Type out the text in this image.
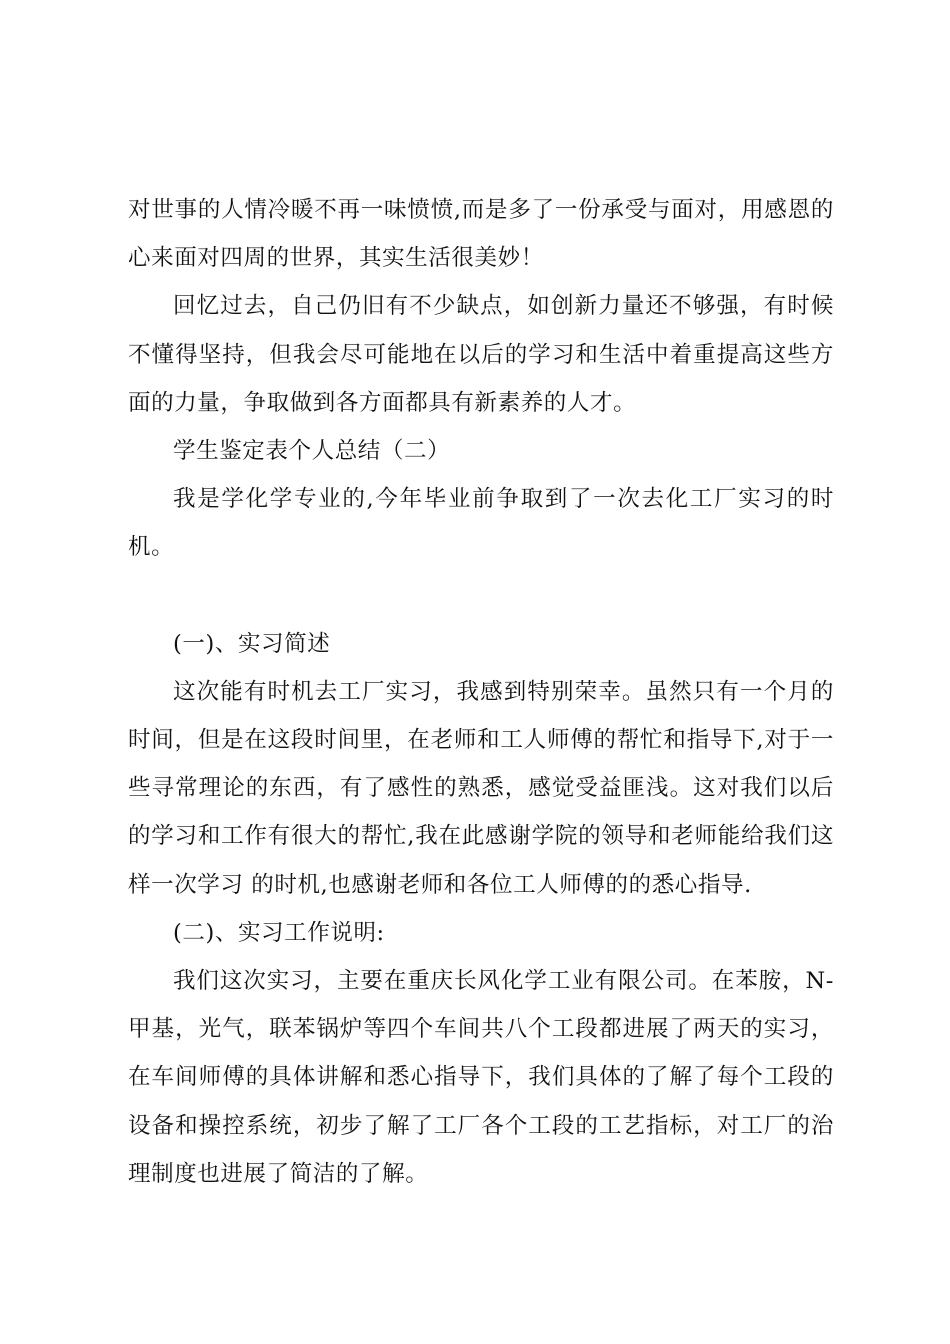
对世事的人情冷暖不再一味愤愤,而是多了一份承受与面对，用感恩的心来面对四周的世界，其实生活很美妙！

回忆过去，自己仍旧有不少缺点，如创新力量还不够强，有时候不懂得坚持，但我会尽可能地在以后的学习和生活中着重提高这些方面的力量，争取做到各方面都具有新素养的人才。

学生鉴定表个人总结（二）

我是学化学专业的,今年毕业前争取到了一次去化工厂实习的时机。

(一)、实习简述

这次能有时机去工厂实习，我感到特别荣幸。虽然只有一个月的时间，但是在这段时间里，在老师和工人师傅的帮忙和指导下,对于一些寻常理论的东西，有了感性的熟悉，感觉受益匪浅。这对我们以后的学习和工作有很大的帮忙,我在此感谢学院的领导和老师能给我们这样一次学习 的时机,也感谢老师和各位工人师傅的的悉心指导.

(二)、实习工作说明:

我们这次实习，主要在重庆长风化学工业有限公司。在苯胺，N-甲基，光气，联苯锅炉等四个车间共八个工段都进展了两天的实习，在车间师傅的具体讲解和悉心指导下，我们具体的了解了每个工段的设备和操控系统，初步了解了工厂各个工段的工艺指标，对工厂的治理制度也进展了简洁的了解。
